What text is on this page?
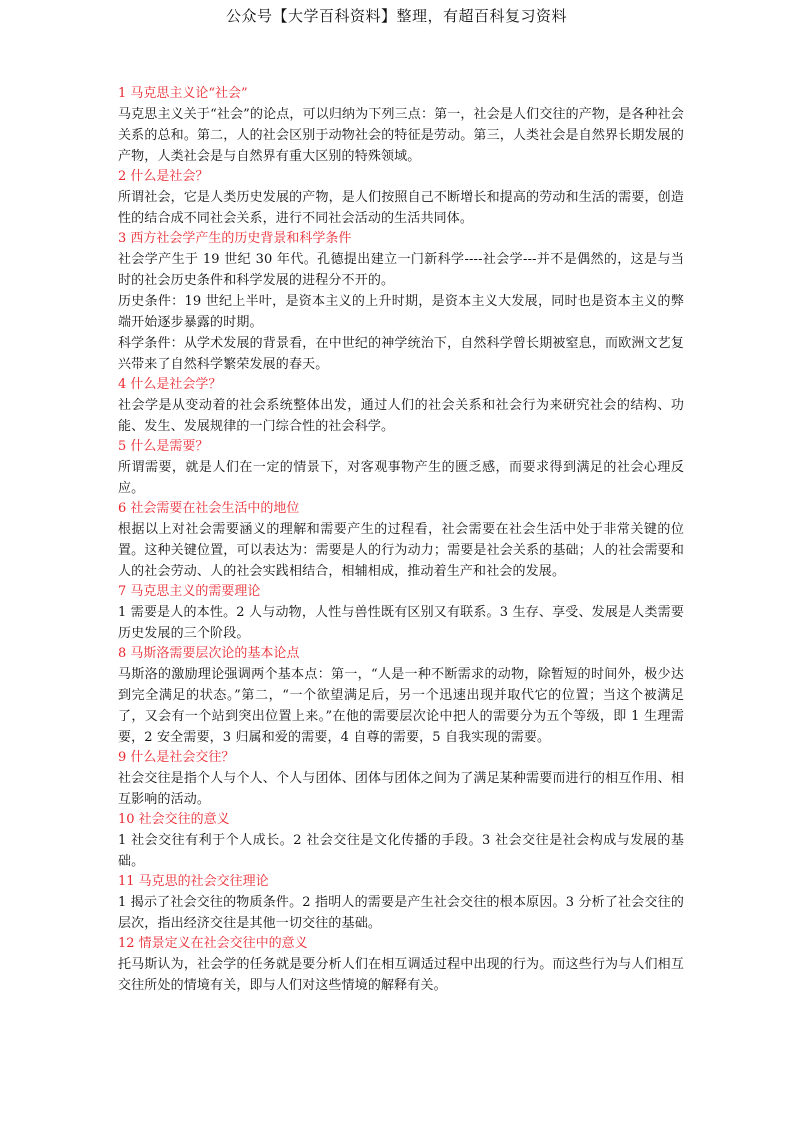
公众号【大学百科资料】整理，有超百科复习资料
1 马克思主义论“社会”

马克思主义关于“社会”的论点，可以归纳为下列三点：第一，社会是人们交往的产物，是各种社会关系的总和。第二，人的社会区别于动物社会的特征是劳动。第三，人类社会是自然界长期发展的产物，人类社会是与自然界有重大区别的特殊领域。

2 什么是社会？

所谓社会，它是人类历史发展的产物，是人们按照自己不断增长和提高的劳动和生活的需要，创造性的结合成不同社会关系，进行不同社会活动的生活共同体。

3 西方社会学产生的历史背景和科学条件

社会学产生于 19 世纪 30 年代。孔德提出建立一门新科学----社会学---并不是偶然的，这是与当时的社会历史条件和科学发展的进程分不开的。

历史条件：19 世纪上半叶，是资本主义的上升时期，是资本主义大发展，同时也是资本主义的弊端开始逐步暴露的时期。

科学条件：从学术发展的背景看，在中世纪的神学统治下，自然科学曾长期被窒息，而欧洲文艺复兴带来了自然科学繁荣发展的春天。

4 什么是社会学？

社会学是从变动着的社会系统整体出发，通过人们的社会关系和社会行为来研究社会的结构、功能、发生、发展规律的一门综合性的社会科学。

5 什么是需要？

所谓需要，就是人们在一定的情景下，对客观事物产生的匮乏感，而要求得到满足的社会心理反应。

6 社会需要在社会生活中的地位

根据以上对社会需要涵义的理解和需要产生的过程看，社会需要在社会生活中处于非常关键的位置。这种关键位置，可以表达为：需要是人的行为动力；需要是社会关系的基础；人的社会需要和人的社会劳动、人的社会实践相结合，相辅相成，推动着生产和社会的发展。

7 马克思主义的需要理论

1 需要是人的本性。2 人与动物，人性与兽性既有区别又有联系。3 生存、享受、发展是人类需要历史发展的三个阶段。

8 马斯洛需要层次论的基本论点

马斯洛的激励理论强调两个基本点：第一，“人是一种不断需求的动物，除暂短的时间外，极少达到完全满足的状态。”第二，“一个欲望满足后，另一个迅速出现并取代它的位置；当这个被满足了，又会有一个站到突出位置上来。”在他的需要层次论中把人的需要分为五个等级，即 1 生理需要，2 安全需要，3 归属和爱的需要，4 自尊的需要，5 自我实现的需要。

9 什么是社会交往？

社会交往是指个人与个人、个人与团体、团体与团体之间为了满足某种需要而进行的相互作用、相互影响的活动。

10 社会交往的意义

1 社会交往有利于个人成长。2 社会交往是文化传播的手段。3 社会交往是社会构成与发展的基础。

11 马克思的社会交往理论

1 揭示了社会交往的物质条件。2 指明人的需要是产生社会交往的根本原因。3 分析了社会交往的层次，指出经济交往是其他一切交往的基础。

12 情景定义在社会交往中的意义

托马斯认为，社会学的任务就是要分析人们在相互调适过程中出现的行为。而这些行为与人们相互交往所处的情境有关，即与人们对这些情境的解释有关。
